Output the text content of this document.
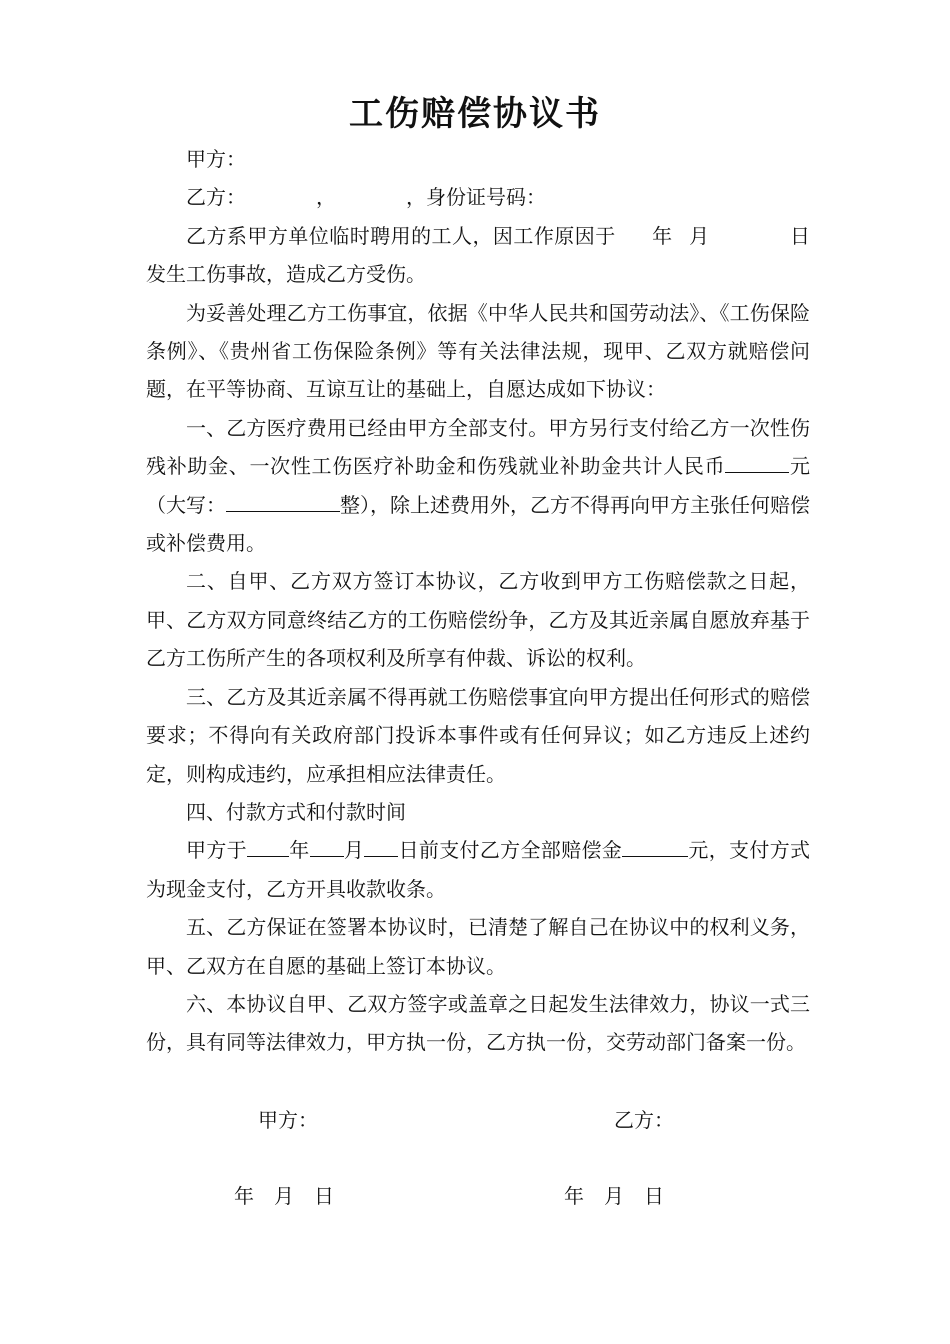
工伤赔偿协议书

甲方：

乙方：	，	，身份证号码：

乙方系甲方单位临时聘用的工人，因工作原因于 年 月	日发生工伤事故，造成乙方受伤。

为妥善处理乙方工伤事宜，依据《中华人民共和国劳动法》、《工伤保险条例》、《贵州省工伤保险条例》等有关法律法规，现甲、乙双方就赔偿问题，在平等协商、互谅互让的基础上，自愿达成如下协议：

一、乙方医疗费用已经由甲方全部支付。甲方另行支付给乙方一次性伤残补助金、一次性工伤医疗补助金和伤残就业补助金共计人民币	元（大写：	整），除上述费用外，乙方不得再向甲方主张任何赔偿或补偿费用。

二、自甲、乙方双方签订本协议，乙方收到甲方工伤赔偿款之日起，甲、乙方双方同意终结乙方的工伤赔偿纷争，乙方及其近亲属自愿放弃基于乙方工伤所产生的各项权利及所享有仲裁、诉讼的权利。

三、乙方及其近亲属不得再就工伤赔偿事宜向甲方提出任何形式的赔偿要求；不得向有关政府部门投诉本事件或有任何异议；如乙方违反上述约定，则构成违约，应承担相应法律责任。

四、付款方式和付款时间

甲方于 年 月 日前支付乙方全部赔偿金	元，支付方式为现金支付，乙方开具收款收条。

五、乙方保证在签署本协议时，已清楚了解自己在协议中的权利义务，甲、乙双方在自愿的基础上签订本协议。

六、本协议自甲、乙双方签字或盖章之日起发生法律效力，协议一式三份，具有同等法律效力，甲方执一份，乙方执一份，交劳动部门备案一份。

甲方：	乙方：
年　月　日	年　月　日
